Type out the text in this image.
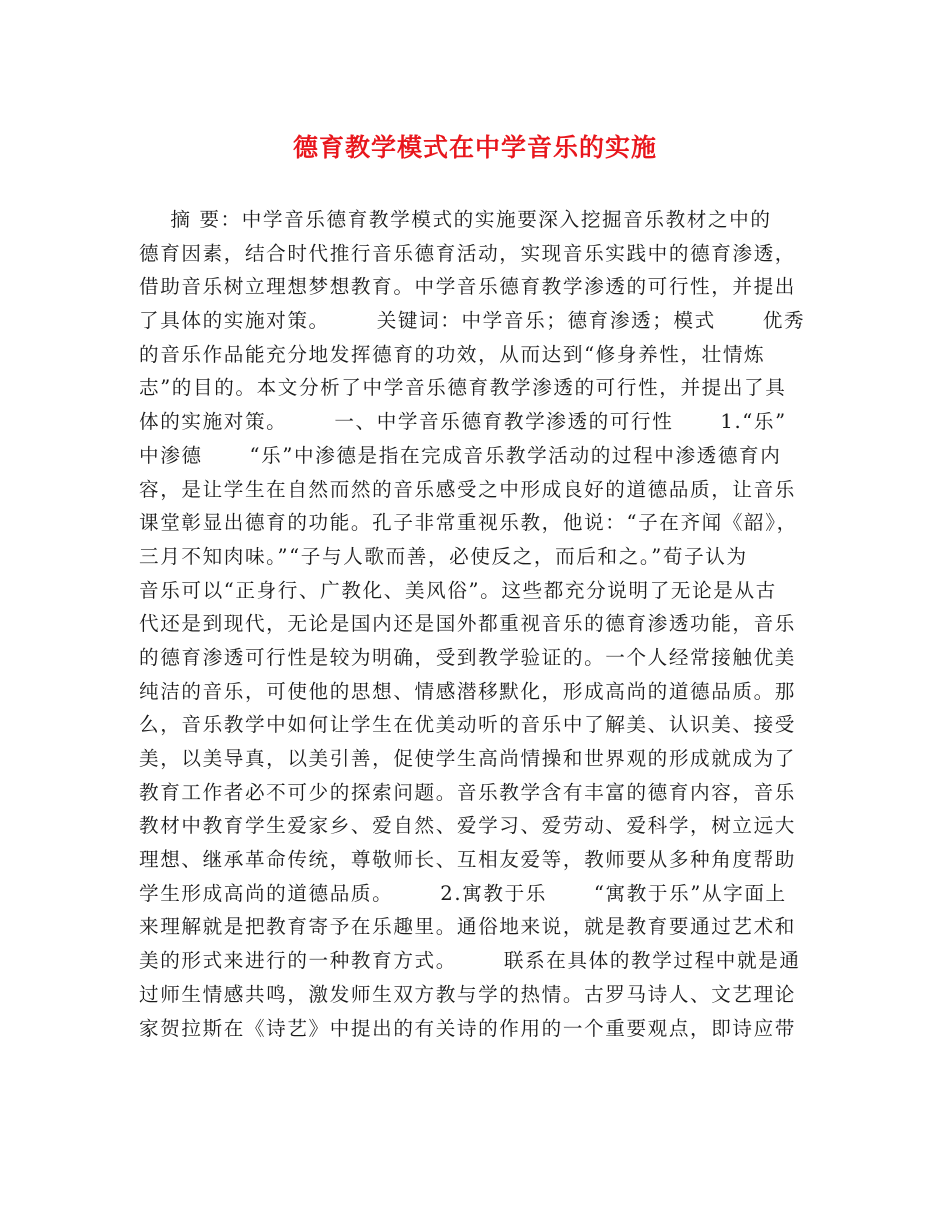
德育教学模式在中学音乐的实施
摘 要：中学音乐德育教学模式的实施要深入挖掘音乐教材之中的
德育因素，结合时代推行音乐德育活动，实现音乐实践中的德育渗透，
借助音乐树立理想梦想教育。中学音乐德育教学渗透的可行性，并提出
了具体的实施对策。      关键词：中学音乐；德育渗透；模式      优秀
的音乐作品能充分地发挥德育的功效，从而达到“修身养性，壮情炼
志”的目的。本文分析了中学音乐德育教学渗透的可行性，并提出了具
体的实施对策。      一、中学音乐德育教学渗透的可行性      1.“乐”
中渗德      “乐”中渗德是指在完成音乐教学活动的过程中渗透德育内
容，是让学生在自然而然的音乐感受之中形成良好的道德品质，让音乐
课堂彰显出德育的功能。孔子非常重视乐教，他说：“子在齐闻《韶》，
三月不知肉味。”“子与人歌而善，必使反之，而后和之。”荀子认为
音乐可以“正身行、广教化、美风俗”。这些都充分说明了无论是从古
代还是到现代，无论是国内还是国外都重视音乐的德育渗透功能，音乐
的德育渗透可行性是较为明确，受到教学验证的。一个人经常接触优美
纯洁的音乐，可使他的思想、情感潜移默化，形成高尚的道德品质。那
么，音乐教学中如何让学生在优美动听的音乐中了解美、认识美、接受
美，以美导真，以美引善，促使学生高尚情操和世界观的形成就成为了
教育工作者必不可少的探索问题。音乐教学含有丰富的德育内容，音乐
教材中教育学生爱家乡、爱自然、爱学习、爱劳动、爱科学，树立远大
理想、继承革命传统，尊敬师长、互相友爱等，教师要从多种角度帮助
学生形成高尚的道德品质。      2.寓教于乐      “寓教于乐”从字面上
来理解就是把教育寄予在乐趣里。通俗地来说，就是教育要通过艺术和
美的形式来进行的一种教育方式。      联系在具体的教学过程中就是通
过师生情感共鸣，激发师生双方教与学的热情。古罗马诗人、文艺理论
家贺拉斯在《诗艺》中提出的有关诗的作用的一个重要观点，即诗应带
